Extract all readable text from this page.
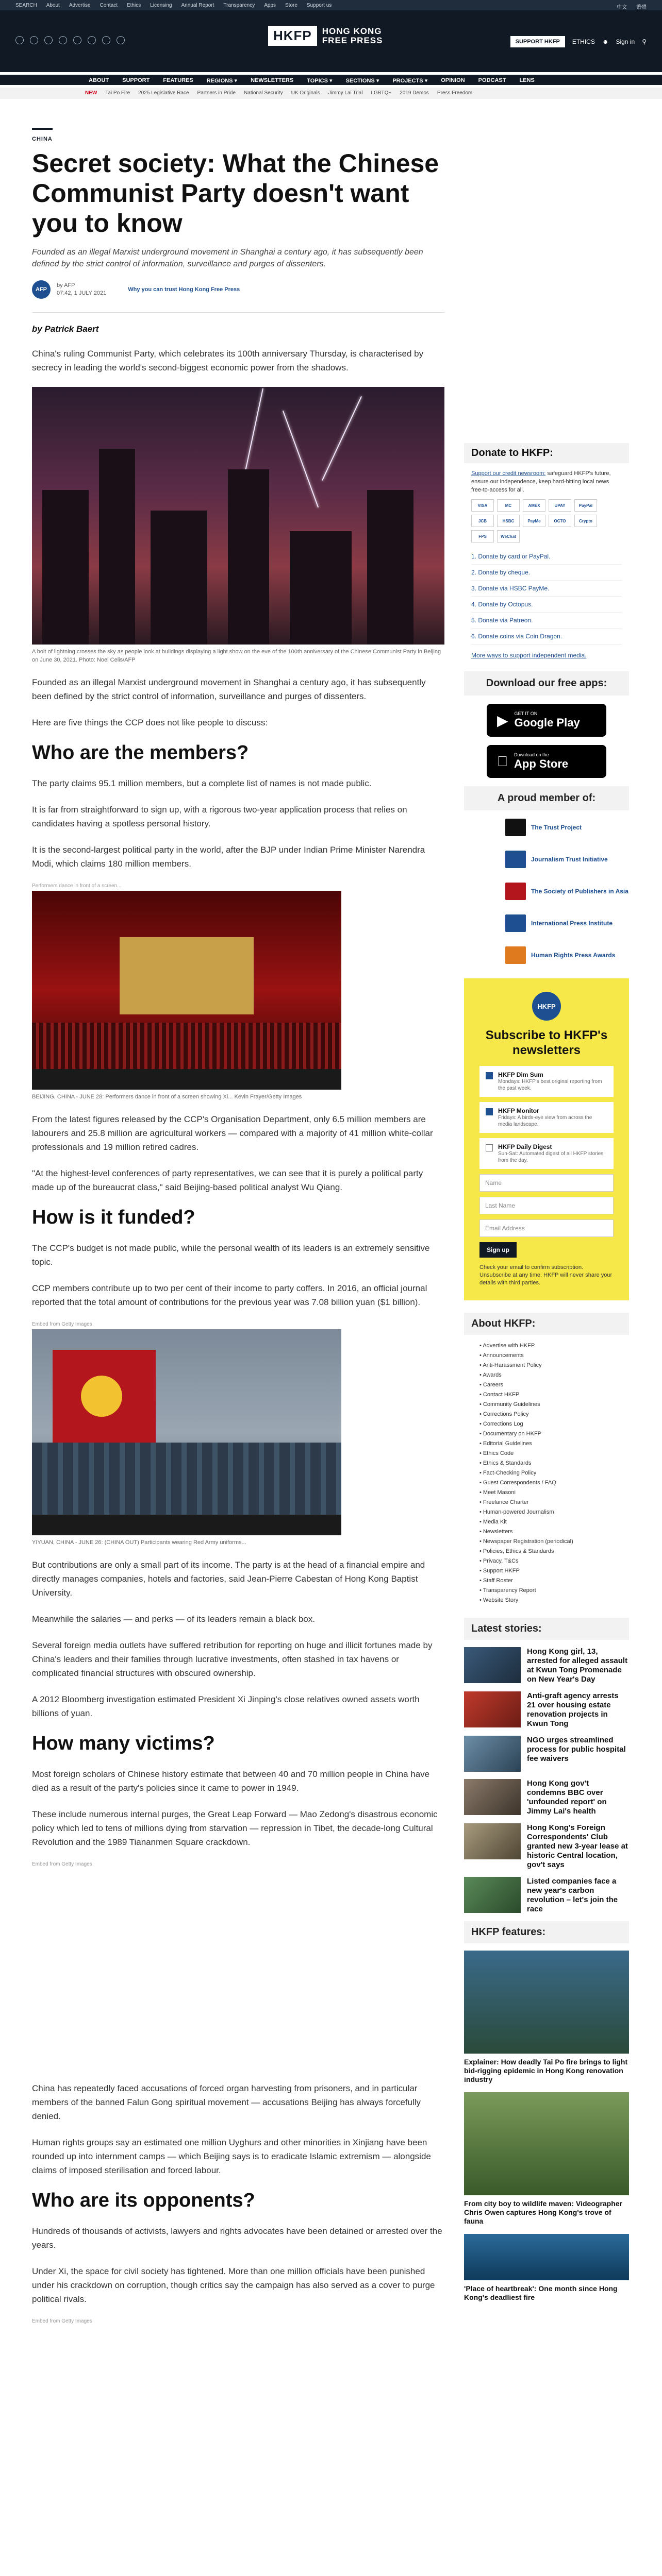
SEARCH About Advertise Contact Ethics Licensing Annual Report Transparency Apps Store Support us	中文 繁體
HKFP	HONG KONG
FREE PRESS	SUPPORT HKFP	ETHICS ☻ Sign in ⚲
ABOUT SUPPORT FEATURES REGIONS ▾ NEWSLETTERS TOPICS ▾ SECTIONS ▾ PROJECTS ▾ OPINION PODCAST LENS
NEW Tai Po Fire 2025 Legislative Race Partners in Pride National Security UK Originals Jimmy Lai Trial LGBTQ+ 2019 Demos Press Freedom
CHINA
Secret society: What the Chinese Communist Party doesn't want you to know
Founded as an illegal Marxist underground movement in Shanghai a century ago, it has subsequently been defined by the strict control of information, surveillance and purges of dissenters.
AFP
by AFP
07:42, 1 JULY 2021
Why you can trust Hong Kong Free Press
by Patrick Baert

China's ruling Communist Party, which celebrates its 100th anniversary Thursday, is characterised by secrecy in leading the world's second-biggest economic power from the shadows.

A bolt of lightning crosses the sky as people look at buildings displaying a light show on the eve of the 100th anniversary of the Chinese Communist Party in Beijing on June 30, 2021. Photo: Noel Celis/AFP

Founded as an illegal Marxist underground movement in Shanghai a century ago, it has subsequently been defined by the strict control of information, surveillance and purges of dissenters.

Here are five things the CCP does not like people to discuss:

Who are the members?

The party claims 95.1 million members, but a complete list of names is not made public.

It is far from straightforward to sign up, with a rigorous two-year application process that relies on candidates having a spotless personal history.

It is the second-largest political party in the world, after the BJP under Indian Prime Minister Narendra Modi, which claims 180 million members.

Performers dance in front of a screen...
BEIJING, CHINA - JUNE 28: Performers dance in front of a screen showing Xi... Kevin Frayer/Getty Images

From the latest figures released by the CCP's Organisation Department, only 6.5 million members are labourers and 25.8 million are agricultural workers — compared with a majority of 41 million white-collar professionals and 19 million retired cadres.

"At the highest-level conferences of party representatives, we can see that it is purely a political party made up of the bureaucrat class," said Beijing-based political analyst Wu Qiang.

How is it funded?

The CCP's budget is not made public, while the personal wealth of its leaders is an extremely sensitive topic.

CCP members contribute up to two per cent of their income to party coffers. In 2016, an official journal reported that the total amount of contributions for the previous year was 7.08 billion yuan ($1 billion).

Embed from Getty Images
YIYUAN, CHINA - JUNE 26: (CHINA OUT) Participants wearing Red Army uniforms...

But contributions are only a small part of its income. The party is at the head of a financial empire and directly manages companies, hotels and factories, said Jean-Pierre Cabestan of Hong Kong Baptist University.

Meanwhile the salaries — and perks — of its leaders remain a black box.

Several foreign media outlets have suffered retribution for reporting on huge and illicit fortunes made by China's leaders and their families through lucrative investments, often stashed in tax havens or complicated financial structures with obscured ownership.

A 2012 Bloomberg investigation estimated President Xi Jinping's close relatives owned assets worth billions of yuan.

How many victims?

Most foreign scholars of Chinese history estimate that between 40 and 70 million people in China have died as a result of the party's policies since it came to power in 1949.

These include numerous internal purges, the Great Leap Forward — Mao Zedong's disastrous economic policy which led to tens of millions dying from starvation — repression in Tibet, the decade-long Cultural Revolution and the 1989 Tiananmen Square crackdown.

Embed from Getty Images

China has repeatedly faced accusations of forced organ harvesting from prisoners, and in particular members of the banned Falun Gong spiritual movement — accusations Beijing has always forcefully denied.

Human rights groups say an estimated one million Uyghurs and other minorities in Xinjiang have been rounded up into internment camps — which Beijing says is to eradicate Islamic extremism — alongside claims of imposed sterilisation and forced labour.

Who are its opponents?

Hundreds of thousands of activists, lawyers and rights advocates have been detained or arrested over the years.

Under Xi, the space for civil society has tightened. More than one million officials have been punished under his crackdown on corruption, though critics say the campaign has also served as a cover to purge political rivals.

Embed from Getty Images

Donate to HKFP:
Support our credit newsroom: safeguard HKFP's future, ensure our independence, keep hard-hitting local news free-to-access for all.
VISA	MC	AMEX	UPAY	PayPal
JCB	HSBC	PayMe	OCTO	Crypto
FPS	WeChat
1. Donate by card or PayPal.
2. Donate by cheque.
3. Donate via HSBC PayMe.
4. Donate by Octopus.
5. Donate via Patreon.
6. Donate coins via Coin Dragon.
More ways to support independent media.
Download our free apps:
▶ GET IT ON
Google Play
Download on the
App Store
A proud member of:
The Trust Project
Journalism Trust Initiative
The Society of Publishers in Asia
International Press Institute
Human Rights Press Awards
HKFP
Subscribe to HKFP's newsletters
HKFP Dim Sum
Mondays: HKFP's best original reporting from the past week.
HKFP Monitor
Fridays: A birds-eye view from across the media landscape.
HKFP Daily Digest
Sun-Sat: Automated digest of all HKFP stories from the day.
Name
Last Name
Email Address
Sign up
Check your email to confirm subscription. Unsubscribe at any time. HKFP will never share your details with third parties.
About HKFP:
• Advertise with HKFP
• Announcements
• Anti-Harassment Policy
• Awards
• Careers
• Contact HKFP
• Community Guidelines
• Corrections Policy
• Corrections Log
• Documentary on HKFP
• Editorial Guidelines
• Ethics Code
• Ethics & Standards
• Fact-Checking Policy
• Guest Correspondents / FAQ
• Meet Masoni
• Freelance Charter
• Human-powered Journalism
• Media Kit
• Newsletters
• Newspaper Registration (periodical)
• Policies, Ethics & Standards
• Privacy, T&Cs
• Support HKFP
• Staff Roster
• Transparency Report
• Website Story
Latest stories:
Hong Kong girl, 13, arrested for alleged assault at Kwun Tong Promenade on New Year's Day
Anti-graft agency arrests 21 over housing estate renovation projects in Kwun Tong
NGO urges streamlined process for public hospital fee waivers
Hong Kong gov't condemns BBC over 'unfounded report' on Jimmy Lai's health
Hong Kong's Foreign Correspondents' Club granted new 3-year lease at historic Central location, gov't says
Listed companies face a new year's carbon revolution – let's join the race
HKFP features:
Explainer: How deadly Tai Po fire brings to light bid-rigging epidemic in Hong Kong renovation industry
From city boy to wildlife maven: Videographer Chris Owen captures Hong Kong's trove of fauna
'Place of heartbreak': One month since Hong Kong's deadliest fire
